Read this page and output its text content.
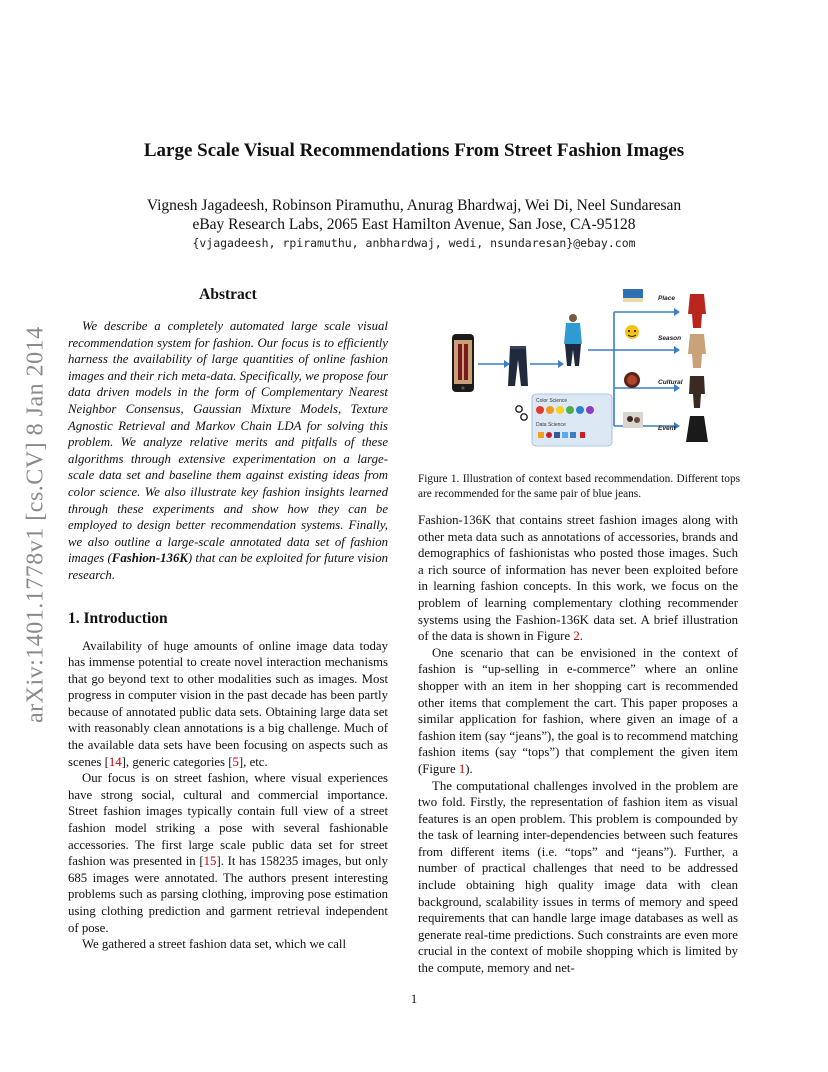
arXiv:1401.1778v1 [cs.CV] 8 Jan 2014
Large Scale Visual Recommendations From Street Fashion Images
Vignesh Jagadeesh, Robinson Piramuthu, Anurag Bhardwaj, Wei Di, Neel Sundaresan
eBay Research Labs, 2065 East Hamilton Avenue, San Jose, CA-95128
{vjagadeesh, rpiramuthu, anbhardwaj, wedi, nsundaresan}@ebay.com
Abstract

We describe a completely automated large scale visual recommendation system for fashion. Our focus is to efficiently harness the availability of large quantities of online fashion images and their rich meta-data. Specifically, we propose four data driven models in the form of Complementary Nearest Neighbor Consensus, Gaussian Mixture Models, Texture Agnostic Retrieval and Markov Chain LDA for solving this problem. We analyze relative merits and pitfalls of these algorithms through extensive experimentation on a large-scale data set and baseline them against existing ideas from color science. We also illustrate key fashion insights learned through these experiments and show how they can be employed to design better recommendation systems. Finally, we also outline a large-scale annotated data set of fashion images (Fashion-136K) that can be exploited for future vision research.

1. Introduction

Availability of huge amounts of online image data today has immense potential to create novel interaction mechanisms that go beyond text to other modalities such as images. Most progress in computer vision in the past decade has been partly because of annotated public data sets. Obtaining large data set with reasonably clean annotations is a big challenge. Much of the available data sets have been focusing on aspects such as scenes [14], generic categories [5], etc.

Our focus is on street fashion, where visual experiences have strong social, cultural and commercial importance. Street fashion images typically contain full view of a street fashion model striking a pose with several fashionable accessories. The first large scale public data set for street fashion was presented in [15]. It has 158235 images, but only 685 images were annotated. The authors present interesting problems such as parsing clothing, improving pose estimation using clothing prediction and garment retrieval independent of pose.

We gathered a street fashion data set, which we call

Place
Season
Cultural
Event
Color Science
Data Science
Figure 1. Illustration of context based recommendation. Different tops are recommended for the same pair of blue jeans.

Fashion-136K that contains street fashion images along with other meta data such as annotations of accessories, brands and demographics of fashionistas who posted those images. Such a rich source of information has never been exploited before in learning fashion concepts. In this work, we focus on the problem of learning complementary clothing recommender systems using the Fashion-136K data set. A brief illustration of the data is shown in Figure 2.

One scenario that can be envisioned in the context of fashion is “up-selling in e-commerce” where an online shopper with an item in her shopping cart is recommended other items that complement the cart. This paper proposes a similar application for fashion, where given an image of a fashion item (say “jeans”), the goal is to recommend matching fashion items (say “tops”) that complement the given item (Figure 1).

The computational challenges involved in the problem are two fold. Firstly, the representation of fashion item as visual features is an open problem. This problem is compounded by the task of learning inter-dependencies between such features from different items (i.e. “tops” and “jeans”). Further, a number of practical challenges that need to be addressed include obtaining high quality image data with clean background, scalability issues in terms of memory and speed requirements that can handle large image databases as well as generate real-time predictions. Such constraints are even more crucial in the context of mobile shopping which is limited by the compute, memory and net-

1
